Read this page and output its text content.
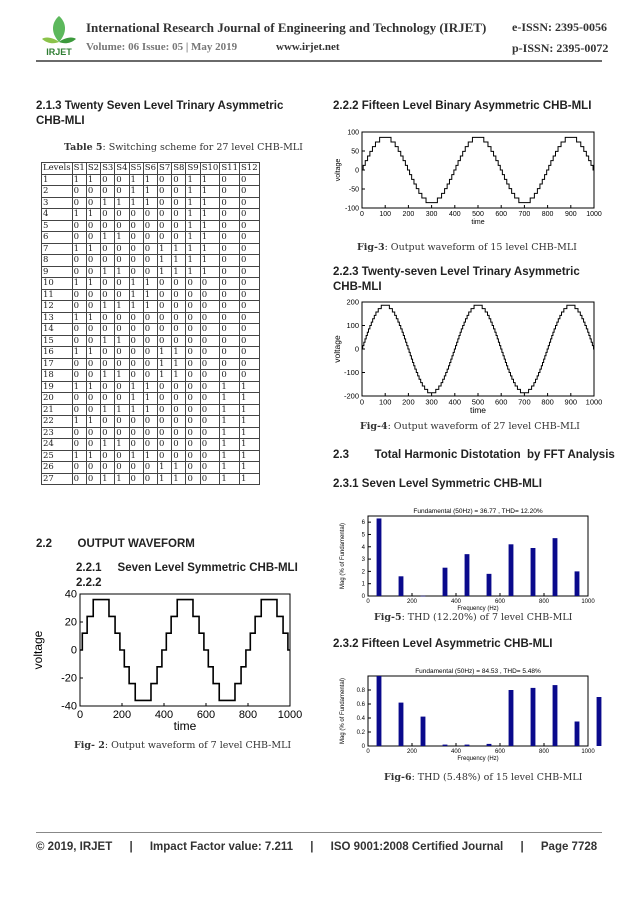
IRJET
International Research Journal of Engineering and Technology (IRJET) e-ISSN: 2395-0056
Volume: 06 Issue: 05 | May 2019	www.irjet.net	p-ISSN: 2395-0072
2.1.3 Twenty Seven Level Trinary Asymmetric CHB-MLI
Table 5: Switching scheme for 27 level CHB-MLI
Levels	S1	S2	S3	S4	S5	S6	S7	S8	S9	S10	S11	S12
1	1	1	0	0	1	1	0	0	1	1	0	0
2	0	0	0	0	1	1	0	0	1	1	0	0
3	0	0	1	1	1	1	0	0	1	1	0	0
4	1	1	0	0	0	0	0	0	1	1	0	0
5	0	0	0	0	0	0	0	0	1	1	0	0
6	0	0	1	1	0	0	0	0	1	1	0	0
7	1	1	0	0	0	0	1	1	1	1	0	0
8	0	0	0	0	0	0	1	1	1	1	0	0
9	0	0	1	1	0	0	1	1	1	1	0	0
10	1	1	0	0	1	1	0	0	0	0	0	0
11	0	0	0	0	1	1	0	0	0	0	0	0
12	0	0	1	1	1	1	0	0	0	0	0	0
13	1	1	0	0	0	0	0	0	0	0	0	0
14	0	0	0	0	0	0	0	0	0	0	0	0
15	0	0	1	1	0	0	0	0	0	0	0	0
16	1	1	0	0	0	0	1	1	0	0	0	0
17	0	0	0	0	0	0	1	1	0	0	0	0
18	0	0	1	1	0	0	1	1	0	0	0	0
19	1	1	0	0	1	1	0	0	0	0	1	1
20	0	0	0	0	1	1	0	0	0	0	1	1
21	0	0	1	1	1	1	0	0	0	0	1	1
22	1	1	0	0	0	0	0	0	0	0	1	1
23	0	0	0	0	0	0	0	0	0	0	1	1
24	0	0	1	1	0	0	0	0	0	0	1	1
25	1	1	0	0	1	1	0	0	0	0	1	1
26	0	0	0	0	0	0	1	1	0	0	1	1
27	0	0	1	1	0	0	1	1	0	0	1	1
2.2        OUTPUT WAVEFORM
2.2.1     Seven Level Symmetric CHB-MLI
2.2.2
0	200 400 600 800 1000
40
20
0
-20
-40
time
voltage
Fig- 2: Output waveform of 7 level CHB-MLI
2.2.2 Fifteen Level Binary Asymmetric CHB-MLI
0 100 200 300 400 500 600 700 800 900 1000
100
50
0
-50
-100
time
voltage
Fig-3: Output waveform of 15 level CHB-MLI
2.2.3 Twenty-seven Level Trinary Asymmetric CHB-MLI
0 100 200 300 400 500 600 700 800 900 1000
200
100
0
-100
-200
time
voltage
Fig-4: Output waveform of 27 level CHB-MLI
2.3        Total Harmonic Distotation  by FFT Analysis
2.3.1 Seven Level Symmetric CHB-MLI
0	200	400	600	800	1000
0
1
2
3
4
5
6
Frequency (Hz)
Mag (% of Fundamental)
Fundamental (50Hz) = 36.77 , THD= 12.20%
Fig-5: THD (12.20%) of 7 level CHB-MLI
2.3.2 Fifteen Level Asymmetric CHB-MLI
0	200	400	600	800	1000
0
0.2
0.4
0.6
0.8
Frequency (Hz)
Mag (% of Fundamental)
Fundamental (50Hz) = 84.53 , THD= 5.48%
Fig-6: THD (5.48%) of 15 level CHB-MLI
© 2019, IRJET | Impact Factor value: 7.211 | ISO 9001:2008 Certified Journal | Page 7728
